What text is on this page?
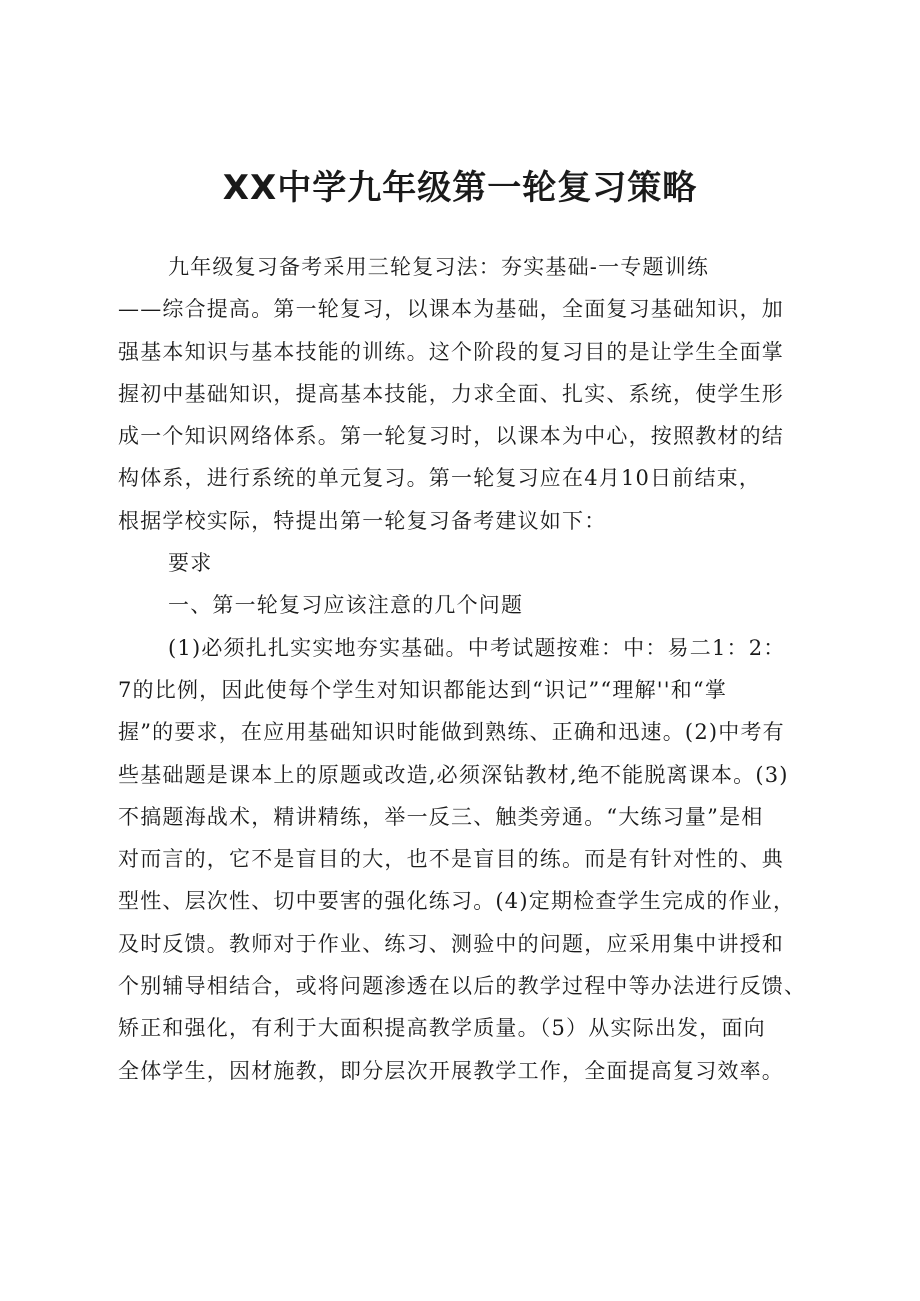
XX中学九年级第一轮复习策略
九年级复习备考采用三轮复习法：夯实基础-一专题训练
——综合提高。第一轮复习，以课本为基础，全面复习基础知识，加
强基本知识与基本技能的训练。这个阶段的复习目的是让学生全面掌
握初中基础知识，提高基本技能，力求全面、扎实、系统，使学生形
成一个知识网络体系。第一轮复习时，以课本为中心，按照教材的结
构体系，进行系统的单元复习。第一轮复习应在4月10日前结束，
根据学校实际，特提出第一轮复习备考建议如下：
要求
一、第一轮复习应该注意的几个问题
(1)必须扎扎实实地夯实基础。中考试题按难：中：易二1：2：
7的比例，因此使每个学生对知识都能达到“识记”“理解''和“掌
握”的要求，在应用基础知识时能做到熟练、正确和迅速。(2)中考有
些基础题是课本上的原题或改造,必须深钻教材,绝不能脱离课本。(3)
不搞题海战术，精讲精练，举一反三、触类旁通。“大练习量”是相
对而言的，它不是盲目的大，也不是盲目的练。而是有针对性的、典
型性、层次性、切中要害的强化练习。(4)定期检查学生完成的作业，
及时反馈。教师对于作业、练习、测验中的问题，应采用集中讲授和
个别辅导相结合，或将问题渗透在以后的教学过程中等办法进行反馈、
矫正和强化，有利于大面积提高教学质量。（5）从实际出发，面向
全体学生，因材施教，即分层次开展教学工作，全面提高复习效率。
